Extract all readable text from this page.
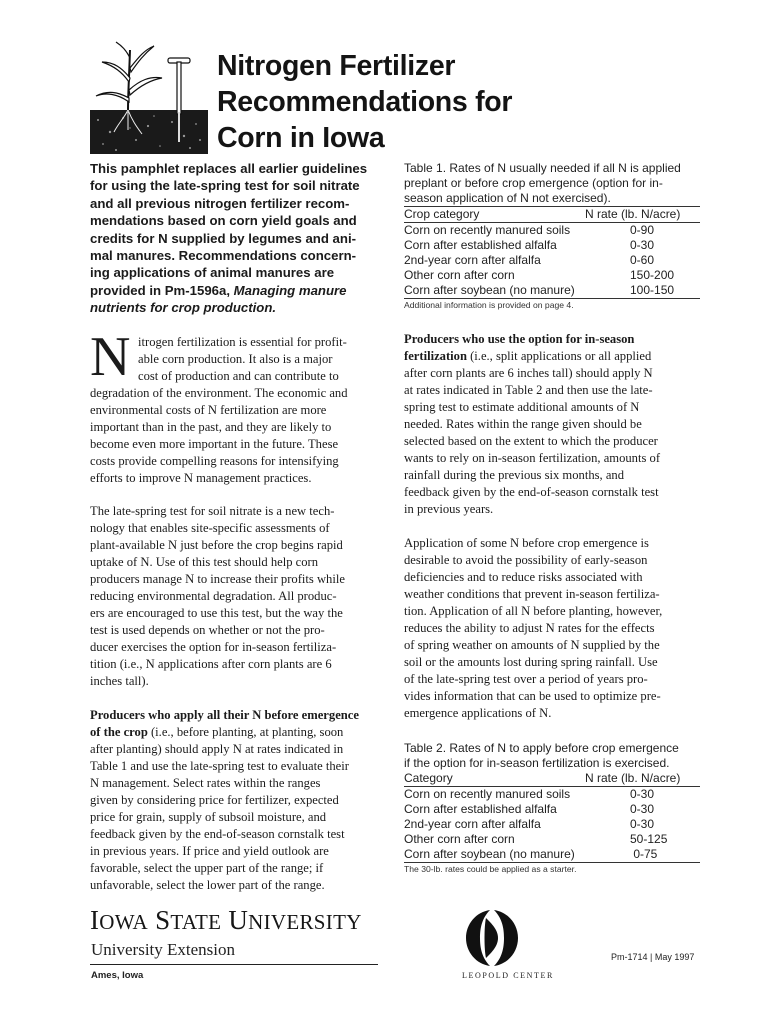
Nitrogen Fertilizer
Recommendations for
Corn in Iowa
This pamphlet replaces all earlier guidelines
for using the late-spring test for soil nitrate
and all previous nitrogen fertilizer recom-
mendations based on corn yield goals and
credits for N supplied by legumes and ani-
mal manures. Recommendations concern-
ing applications of animal manures are
provided in Pm-1596a, Managing manure
nutrients for crop production.
N itrogen fertilization is essential for profit-
able corn production. It also is a major
cost of production and can contribute to
degradation of the environment. The economic and
environmental costs of N fertilization are more
important than in the past, and they are likely to
become even more important in the future. These
costs provide compelling reasons for intensifying
efforts to improve N management practices.
The late-spring test for soil nitrate is a new tech-
nology that enables site-specific assessments of
plant-available N just before the crop begins rapid
uptake of N. Use of this test should help corn
producers manage N to increase their profits while
reducing environmental degradation. All produc-
ers are encouraged to use this test, but the way the
test is used depends on whether or not the pro-
ducer exercises the option for in-season fertiliza-
tition (i.e., N applications after corn plants are 6
inches tall).
Producers who apply all their N before emergence
of the crop (i.e., before planting, at planting, soon
after planting) should apply N at rates indicated in
Table 1 and use the late-spring test to evaluate their
N management. Select rates within the ranges
given by considering price for fertilizer, expected
price for grain, supply of subsoil moisture, and
feedback given by the end-of-season cornstalk test
in previous years. If price and yield outlook are
favorable, select the upper part of the range; if
unfavorable, select the lower part of the range.
Table 1. Rates of N usually needed if all N is applied
preplant or before crop emergence (option for in-
season application of N not exercised).
Crop category	N rate (lb. N/acre)
Corn on recently manured soils	0-90
Corn after established alfalfa	0-30
2nd-year corn after alfalfa	0-60
Other corn after corn	150-200
Corn after soybean (no manure)	100-150
Additional information is provided on page 4.
Producers who use the option for in-season
fertilization (i.e., split applications or all applied
after corn plants are 6 inches tall) should apply N
at rates indicated in Table 2 and then use the late-
spring test to estimate additional amounts of N
needed. Rates within the range given should be
selected based on the extent to which the producer
wants to rely on in-season fertilization, amounts of
rainfall during the previous six months, and
feedback given by the end-of-season cornstalk test
in previous years.
Application of some N before crop emergence is
desirable to avoid the possibility of early-season
deficiencies and to reduce risks associated with
weather conditions that prevent in-season fertiliza-
tion. Application of all N before planting, however,
reduces the ability to adjust N rates for the effects
of spring weather on amounts of N supplied by the
soil or the amounts lost during spring rainfall. Use
of the late-spring test over a period of years pro-
vides information that can be used to optimize pre-
emergence applications of N.
Table 2. Rates of N to apply before crop emergence
if the option for in-season fertilization is exercised.
Category	N rate (lb. N/acre)
Corn on recently manured soils	0-30
Corn after established alfalfa	0-30
2nd-year corn after alfalfa	0-30
Other corn after corn	50-125
Corn after soybean (no manure)	0-75
The 30-lb. rates could be applied as a starter.
IOWA STATE UNIVERSITY
University Extension
Ames, Iowa	LEOPOLD CENTER
Pm-1714 | May 1997
